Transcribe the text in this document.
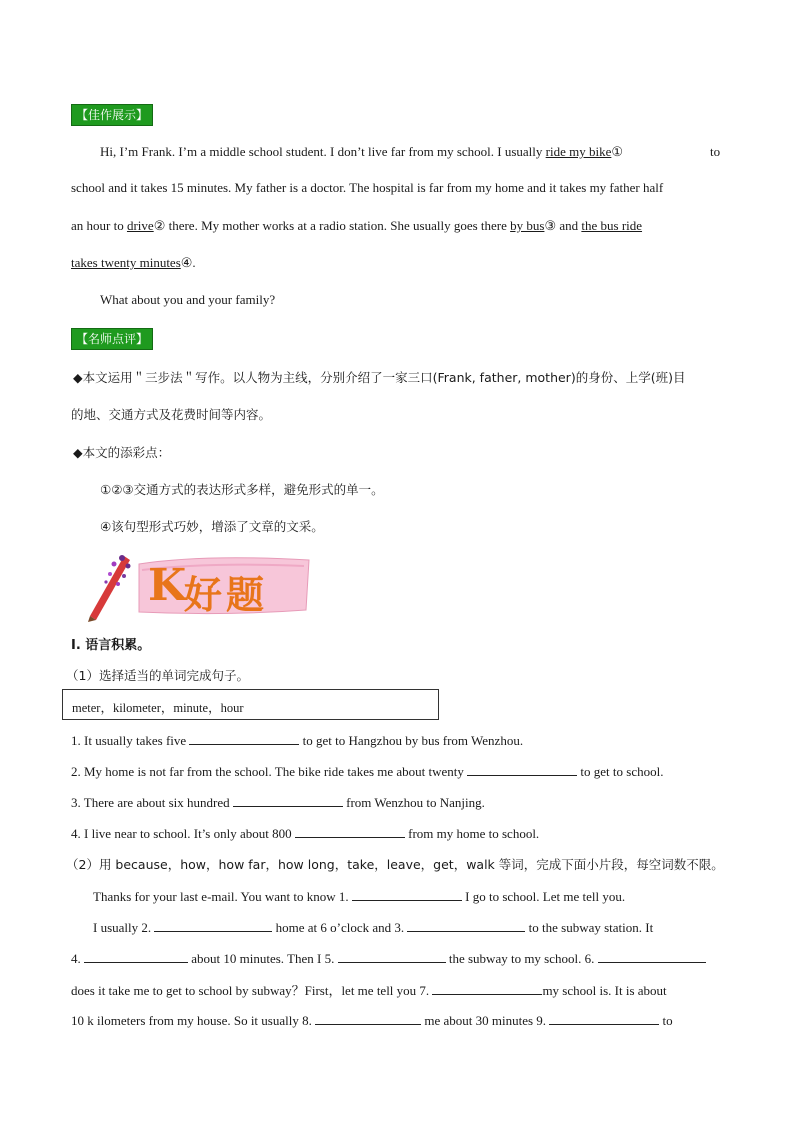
【佳作展示】
Hi, I’m Frank. I’m a middle school student. I don’t live far from my school. I usually ride my bike①	to
school and it takes 15 minutes. My father is a doctor. The hospital is far from my home and it takes my father half
an hour to drive② there. My mother works at a radio station. She usually goes there by bus③ and the bus ride
takes twenty minutes④.
What about you and your family?
【名师点评】
◆本文运用＂三步法＂写作。以人物为主线，分别介绍了一家三口(Frank, father, mother)的身份、上学(班)目
的地、交通方式及花费时间等内容。
◆本文的添彩点：
①②③交通方式的表达形式多样，避免形式的单一。
④该句型形式巧妙，增添了文章的文采。
K
好题
I. 语言积累。
（1）选择适当的单词完成句子。
meter，kilometer，minute，hour
1. It usually takes five	to get to Hangzhou by bus from Wenzhou.
2. My home is not far from the school. The bike ride takes me about twenty	to get to school.
3. There are about six hundred	from Wenzhou to Nanjing.
4. I live near to school. It’s only about 800	from my home to school.
（2）用 because，how，how far，how long，take，leave，get，walk 等词，完成下面小片段，每空词数不限。
Thanks for your last e-mail. You want to know 1.	I go to school. Let me tell you.
I usually 2.	home at 6 o’clock and 3.	to the subway station. It
4.	about 10 minutes. Then I 5.	the subway to my school. 6.
does it take me to get to school by subway？First，let me tell you 7.	my school is. It is about
10 k ilometers from my house. So it usually 8.	me about 30 minutes 9.	to
